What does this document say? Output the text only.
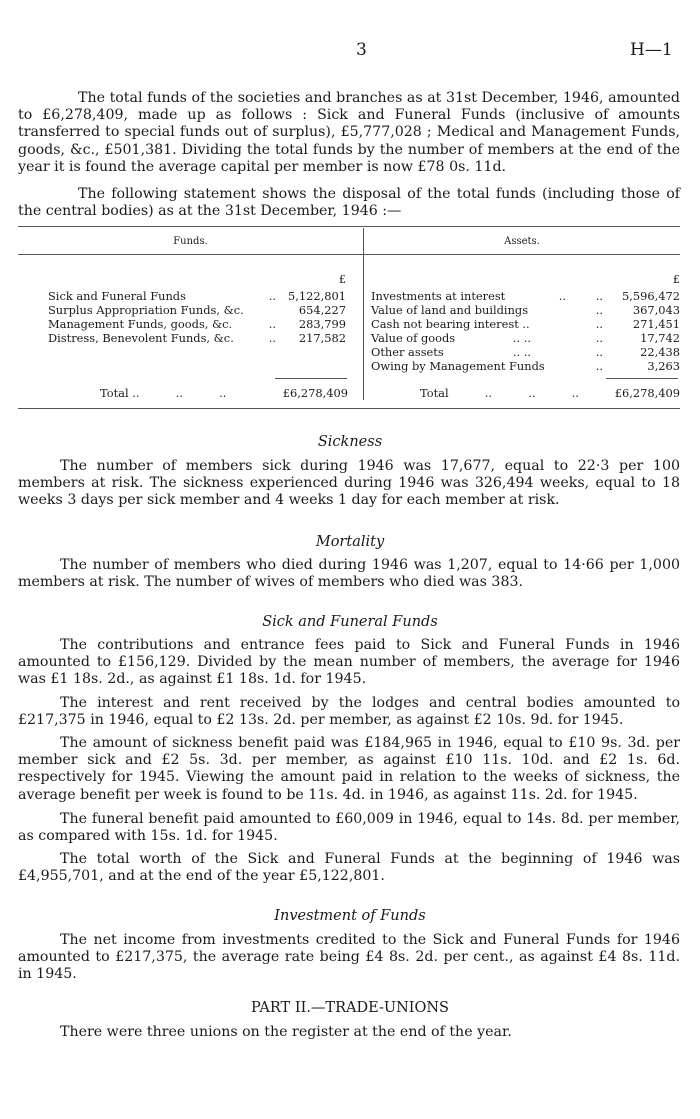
3	H—1

The total funds of the societies and branches as at 31st December, 1946, amounted to £6,278,409, made up as follows : Sick and Funeral Funds (inclusive of amounts transferred to special funds out of surplus), £5,777,028 ; Medical and Management Funds, goods, &c., £501,381. Dividing the total funds by the number of members at the end of the year it is found the average capital per member is now £78 0s. 11d.

The following statement shows the disposal of the total funds (including those of the central bodies) as at the 31st December, 1946 :—

Funds.	Assets.

£	£
Sick and Funeral Funds	..	5,122,801
Surplus Appropriation Funds, &c.	654,227
Management Funds, goods, &c.	..	283,799
Distress, Benevolent Funds, &c.	..	217,582
Investments at interest	..	..	5,596,472
Value of land and buildings	..	367,043
Cash not bearing interest ..	..	271,451
Value of goods	.. ..	..	17,742
Other assets	.. ..	..	22,438
Owing by Management Funds	..	3,263
Total ..          ..          ..	£6,278,409	Total          ..          ..          ..	£6,278,409

Sickness

The number of members sick during 1946 was 17,677, equal to 22·3 per 100 members at risk. The sickness experienced during 1946 was 326,494 weeks, equal to 18 weeks 3 days per sick member and 4 weeks 1 day for each member at risk.

Mortality

The number of members who died during 1946 was 1,207, equal to 14·66 per 1,000 members at risk. The number of wives of members who died was 383.

Sick and Funeral Funds

The contributions and entrance fees paid to Sick and Funeral Funds in 1946 amounted to £156,129. Divided by the mean number of members, the average for 1946 was £1 18s. 2d., as against £1 18s. 1d. for 1945.

The interest and rent received by the lodges and central bodies amounted to £217,375 in 1946, equal to £2 13s. 2d. per member, as against £2 10s. 9d. for 1945.

The amount of sickness benefit paid was £184,965 in 1946, equal to £10 9s. 3d. per member sick and £2 5s. 3d. per member, as against £10 11s. 10d. and £2 1s. 6d. respectively for 1945. Viewing the amount paid in relation to the weeks of sickness, the average benefit per week is found to be 11s. 4d. in 1946, as against 11s. 2d. for 1945.

The funeral benefit paid amounted to £60,009 in 1946, equal to 14s. 8d. per member, as compared with 15s. 1d. for 1945.

The total worth of the Sick and Funeral Funds at the beginning of 1946 was £4,955,701, and at the end of the year £5,122,801.

Investment of Funds

The net income from investments credited to the Sick and Funeral Funds for 1946 amounted to £217,375, the average rate being £4 8s. 2d. per cent., as against £4 8s. 11d. in 1945.

PART II.—TRADE-UNIONS

There were three unions on the register at the end of the year.
